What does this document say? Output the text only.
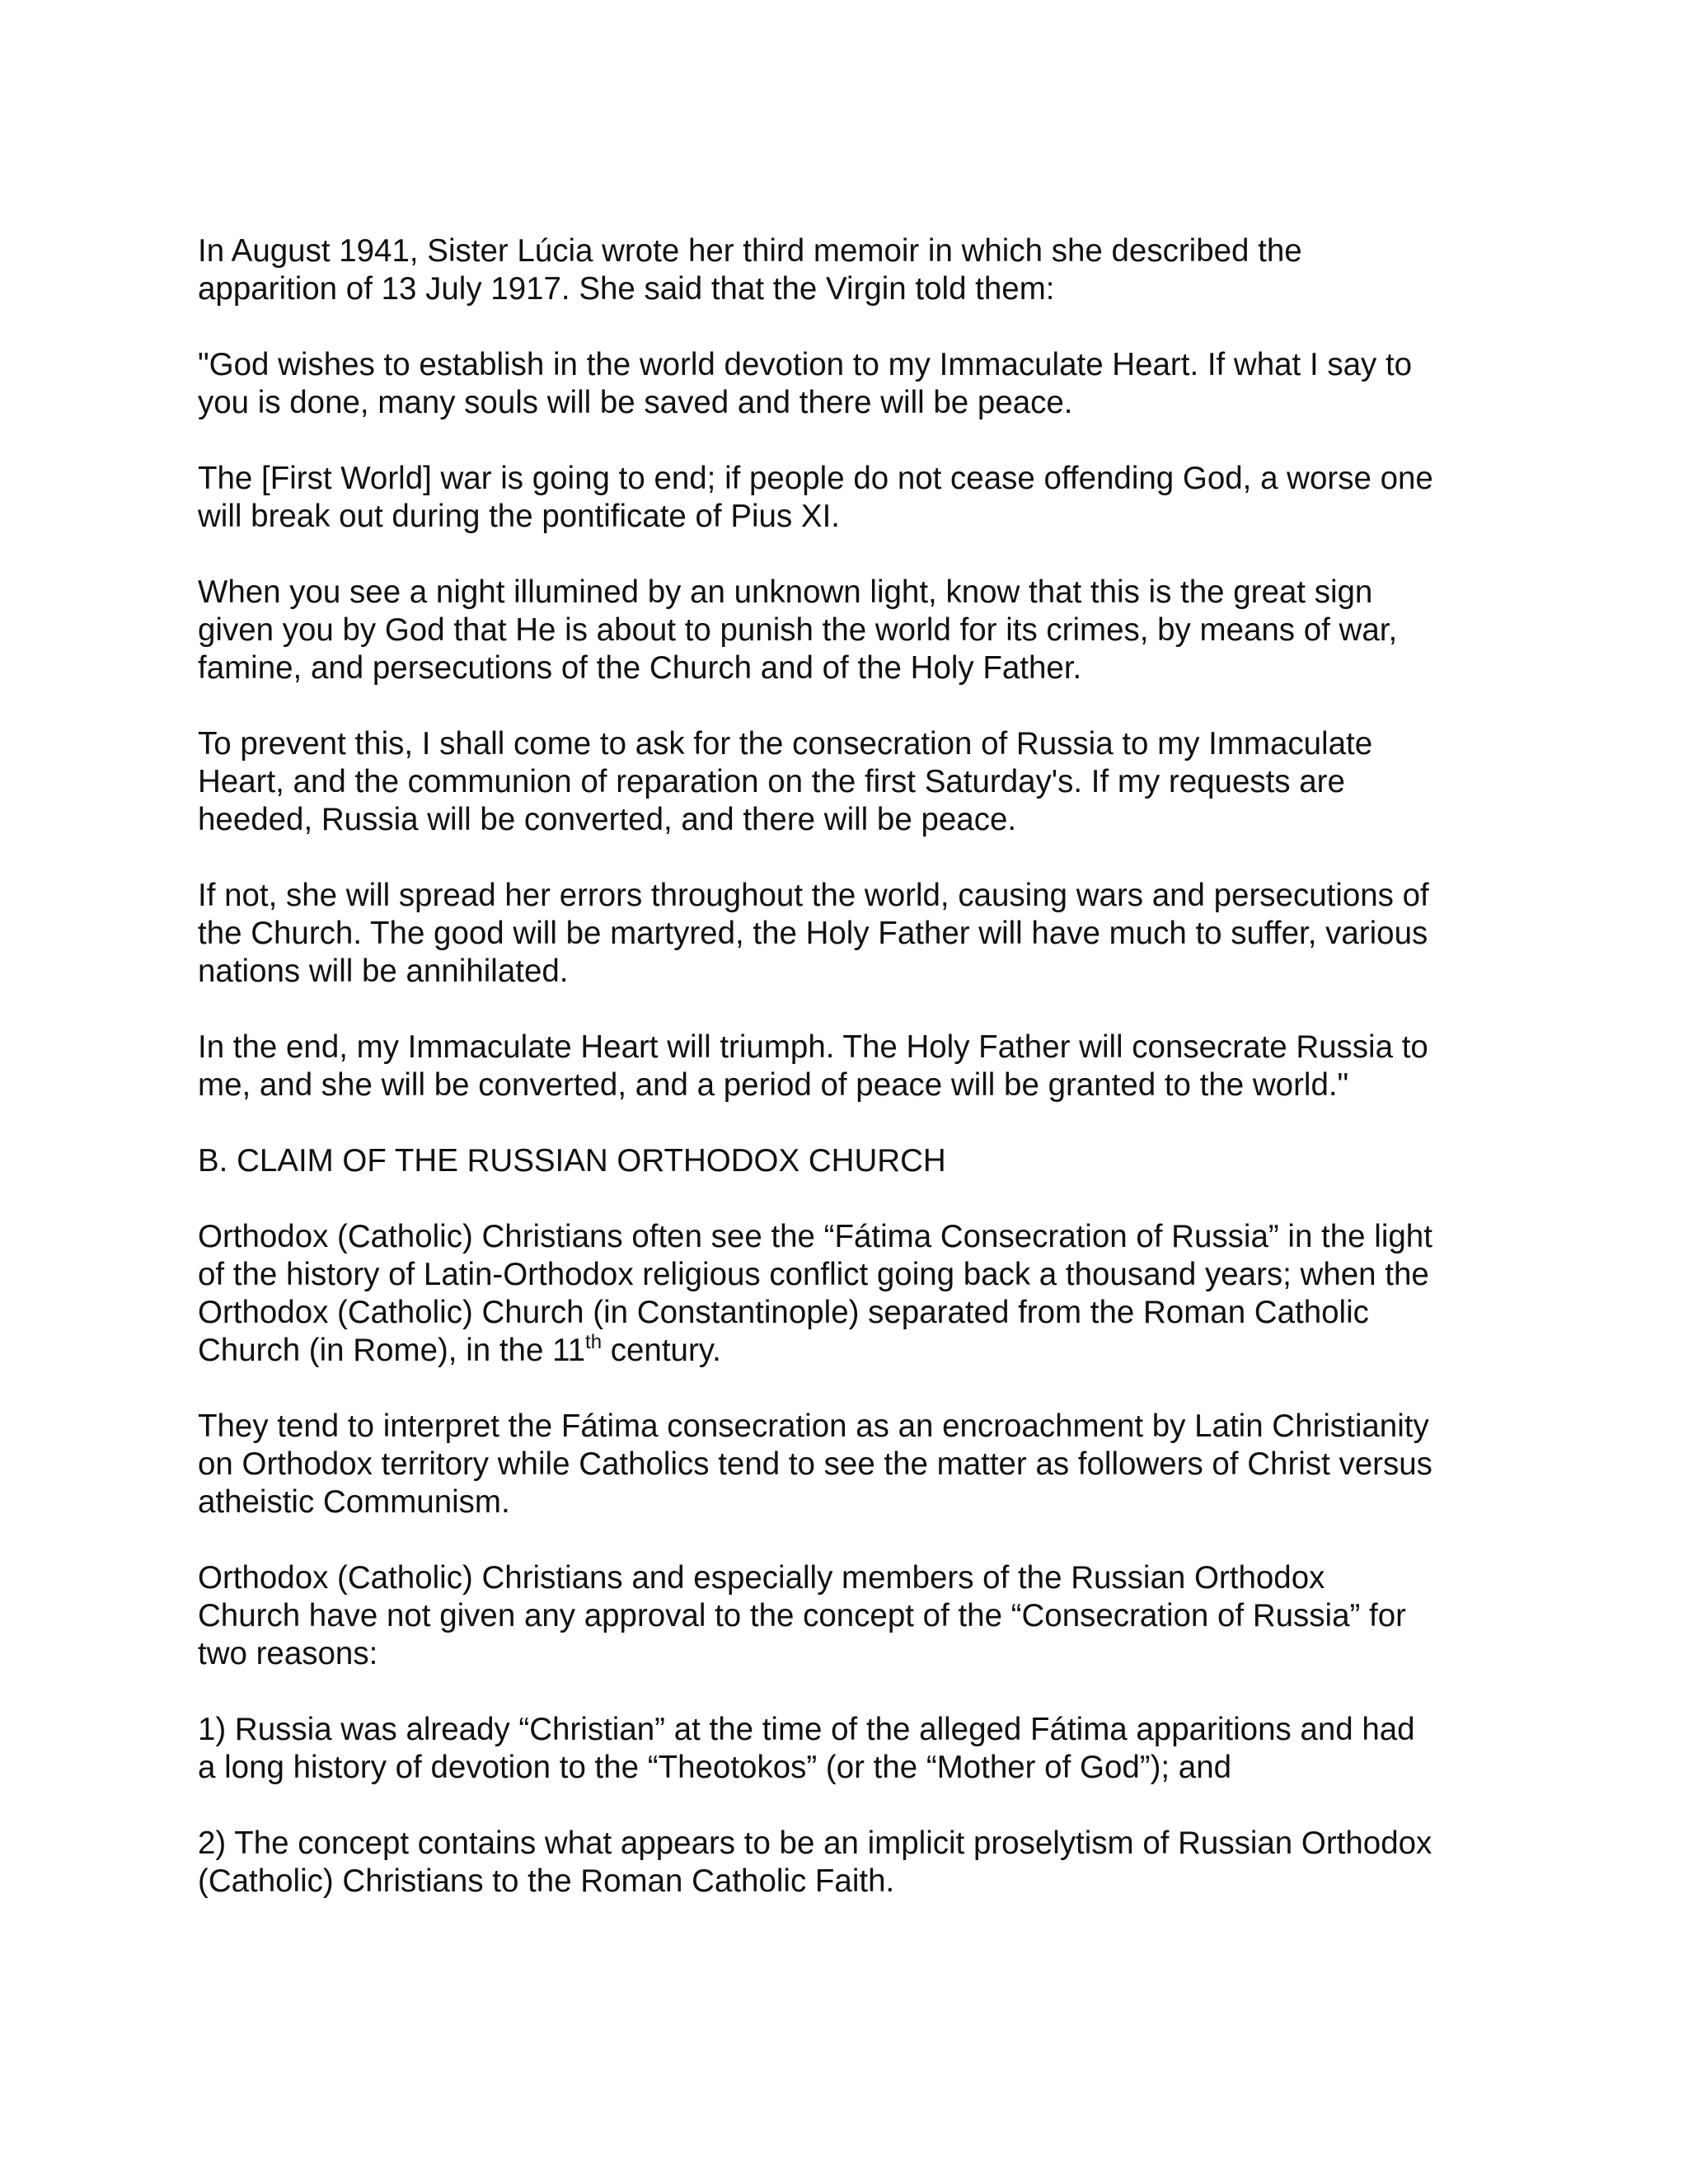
In August 1941, Sister Lúcia wrote her third memoir in which she described the
apparition of 13 July 1917. She said that the Virgin told them:

"God wishes to establish in the world devotion to my Immaculate Heart. If what I say to
you is done, many souls will be saved and there will be peace.

The [First World] war is going to end; if people do not cease offending God, a worse one
will break out during the pontificate of Pius XI.

When you see a night illumined by an unknown light, know that this is the great sign
given you by God that He is about to punish the world for its crimes, by means of war,
famine, and persecutions of the Church and of the Holy Father.

To prevent this, I shall come to ask for the consecration of Russia to my Immaculate
Heart, and the communion of reparation on the first Saturday's. If my requests are
heeded, Russia will be converted, and there will be peace.

If not, she will spread her errors throughout the world, causing wars and persecutions of
the Church. The good will be martyred, the Holy Father will have much to suffer, various
nations will be annihilated.

In the end, my Immaculate Heart will triumph. The Holy Father will consecrate Russia to
me, and she will be converted, and a period of peace will be granted to the world."

B. CLAIM OF THE RUSSIAN ORTHODOX CHURCH

Orthodox (Catholic) Christians often see the “Fátima Consecration of Russia” in the light
of the history of Latin-Orthodox religious conflict going back a thousand years; when the
Orthodox (Catholic) Church (in Constantinople) separated from the Roman Catholic
Church (in Rome), in the 11th century.

They tend to interpret the Fátima consecration as an encroachment by Latin Christianity
on Orthodox territory while Catholics tend to see the matter as followers of Christ versus
atheistic Communism.

Orthodox (Catholic) Christians and especially members of the Russian Orthodox
Church have not given any approval to the concept of the “Consecration of Russia” for
two reasons:

1) Russia was already “Christian” at the time of the alleged Fátima apparitions and had
a long history of devotion to the “Theotokos” (or the “Mother of God”); and

2) The concept contains what appears to be an implicit proselytism of Russian Orthodox
(Catholic) Christians to the Roman Catholic Faith.
